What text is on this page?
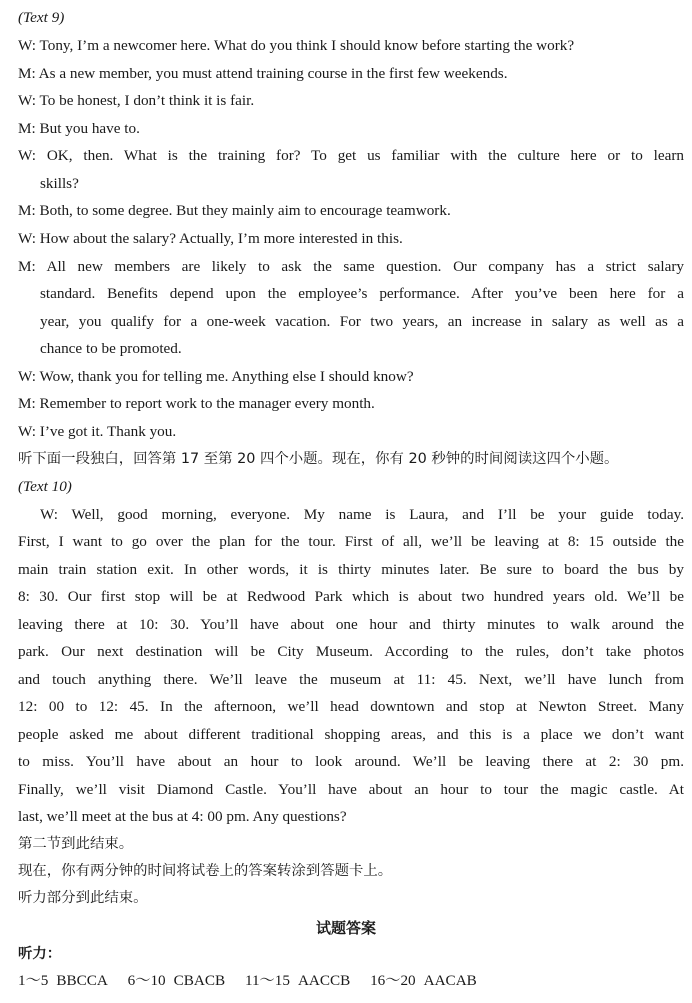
(Text 9)
W: Tony, I’m a newcomer here. What do you think I should know before starting the work?
M: As a new member, you must attend training course in the first few weekends.
W: To be honest, I don’t think it is fair.
M: But you have to.
W: OK, then. What is the training for? To get us familiar with the culture here or to learn
skills?
M: Both, to some degree. But they mainly aim to encourage teamwork.
W: How about the salary? Actually, I’m more interested in this.
M: All new members are likely to ask the same question. Our company has a strict salary
standard. Benefits depend upon the employee’s performance. After you’ve been here for a
year, you qualify for a one-week vacation. For two years, an increase in salary as well as a
chance to be promoted.
W: Wow, thank you for telling me. Anything else I should know?
M: Remember to report work to the manager every month.
W: I’ve got it. Thank you.
听下面一段独白，回答第 17 至第 20 四个小题。现在，你有 20 秒钟的时间阅读这四个小题。
(Text 10)
W: Well, good morning, everyone. My name is Laura, and I’ll be your guide today.
First, I want to go over the plan for the tour. First of all, we’ll be leaving at 8: 15 outside the
main train station exit. In other words, it is thirty minutes later. Be sure to board the bus by
8: 30. Our first stop will be at Redwood Park which is about two hundred years old. We’ll be
leaving there at 10: 30. You’ll have about one hour and thirty minutes to walk around the
park. Our next destination will be City Museum. According to the rules, don’t take photos
and touch anything there. We’ll leave the museum at 11: 45. Next, we’ll have lunch from
12: 00 to 12: 45. In the afternoon, we’ll head downtown and stop at Newton Street. Many
people asked me about different traditional shopping areas, and this is a place we don’t want
to miss. You’ll have about an hour to look around. We’ll be leaving there at 2: 30 pm.
Finally, we’ll visit Diamond Castle. You’ll have about an hour to tour the magic castle. At
last, we’ll meet at the bus at 4: 00 pm. Any questions?
第二节到此结束。
现在，你有两分钟的时间将试卷上的答案转涂到答题卡上。
听力部分到此结束。
试题答案
听力：
1～5 BBCCA 6～10 CBACB 11～15 AACCB 16～20 AACAB
